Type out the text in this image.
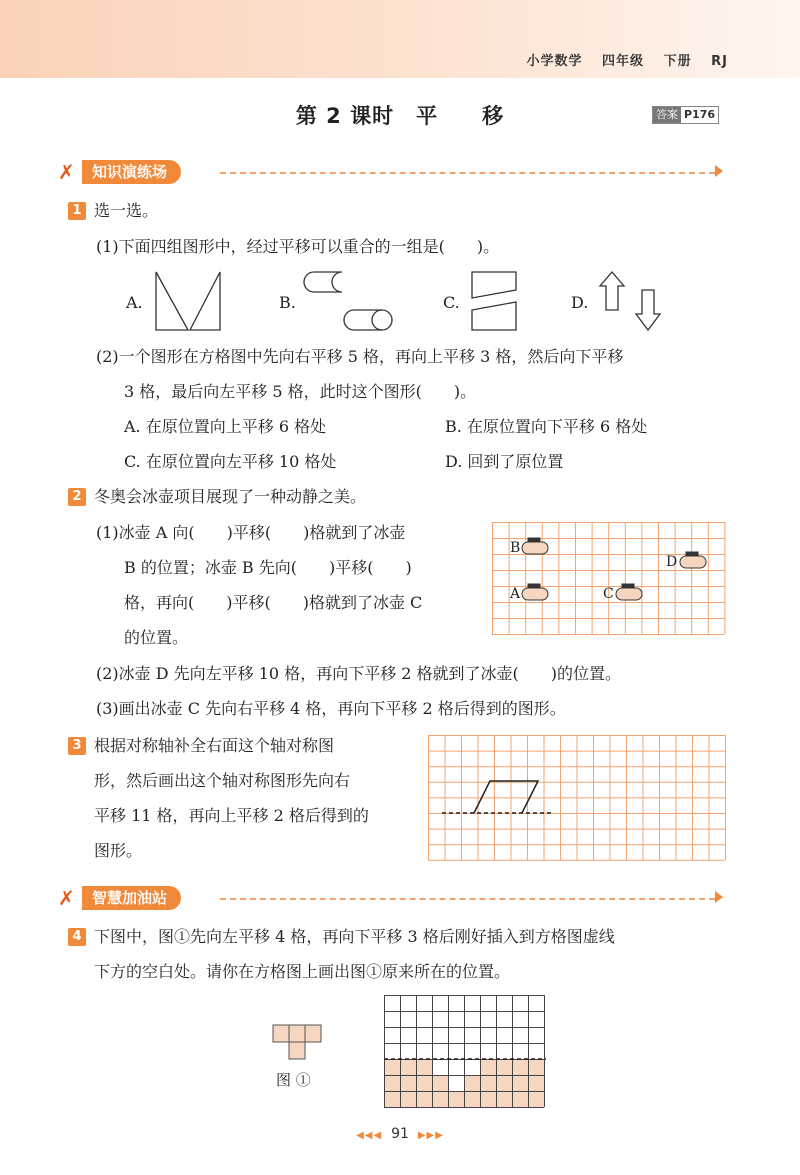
小学数学 四年级 下册 RJ
第 2 课时　平　　移	答案 P176
✗	知识演练场
1 选一选。
(1)下面四组图形中，经过平移可以重合的一组是(　　)。
A.	B.	C.	D.
(2)一个图形在方格图中先向右平移 5 格，再向上平移 3 格，然后向下平移
3 格，最后向左平移 5 格，此时这个图形(　　)。
A. 在原位置向上平移 6 格处	B. 在原位置向下平移 6 格处
C. 在原位置向左平移 10 格处	D. 回到了原位置
2 冬奥会冰壶项目展现了一种动静之美。
(1)冰壶 A 向(　　)平移(　　)格就到了冰壶
B 的位置；冰壶 B 先向(　　)平移(　　)
格，再向(　　)平移(　　)格就到了冰壶 C
的位置。
B
A	C
D
(2)冰壶 D 先向左平移 10 格，再向下平移 2 格就到了冰壶(　　)的位置。
(3)画出冰壶 C 先向右平移 4 格，再向下平移 2 格后得到的图形。
3 根据对称轴补全右面这个轴对称图
形，然后画出这个轴对称图形先向右
平移 11 格，再向上平移 2 格后得到的
图形。
✗	智慧加油站
4 下图中，图①先向左平移 4 格，再向下平移 3 格后刚好插入到方格图虚线
下方的空白处。请你在方格图上画出图①原来所在的位置。
图 ①
◀◀◀ 91 ▶▶▶
